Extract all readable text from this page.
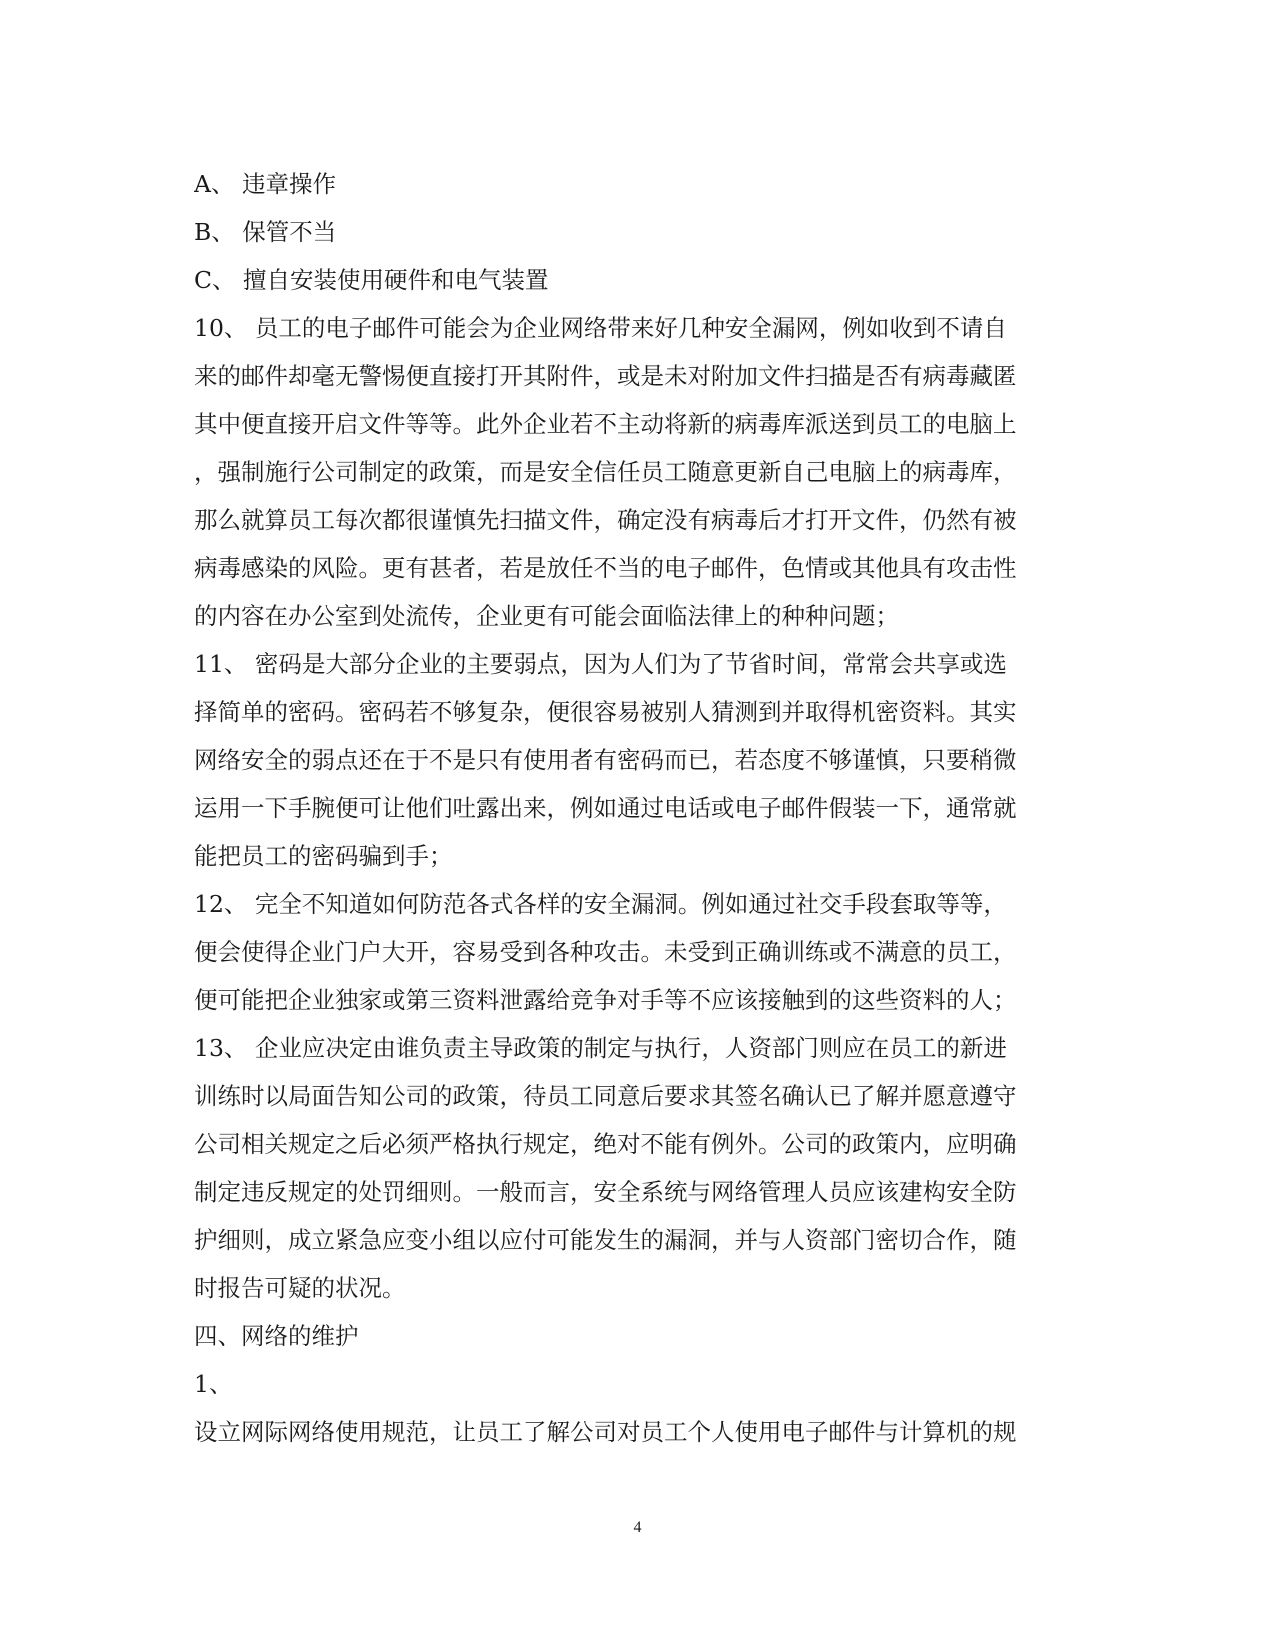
A、 违章操作
B、 保管不当
C、 擅自安装使用硬件和电气装置
10、 员工的电子邮件可能会为企业网络带来好几种安全漏网，例如收到不请自
来的邮件却毫无警惕便直接打开其附件，或是未对附加文件扫描是否有病毒藏匿
其中便直接开启文件等等。此外企业若不主动将新的病毒库派送到员工的电脑上
，强制施行公司制定的政策，而是安全信任员工随意更新自己电脑上的病毒库，
那么就算员工每次都很谨慎先扫描文件，确定没有病毒后才打开文件，仍然有被
病毒感染的风险。更有甚者，若是放任不当的电子邮件，色情或其他具有攻击性
的内容在办公室到处流传，企业更有可能会面临法律上的种种问题；
11、 密码是大部分企业的主要弱点，因为人们为了节省时间，常常会共享或选
择简单的密码。密码若不够复杂，便很容易被别人猜测到并取得机密资料。其实
网络安全的弱点还在于不是只有使用者有密码而已，若态度不够谨慎，只要稍微
运用一下手腕便可让他们吐露出来，例如通过电话或电子邮件假装一下，通常就
能把员工的密码骗到手；
12、 完全不知道如何防范各式各样的安全漏洞。例如通过社交手段套取等等，
便会使得企业门户大开，容易受到各种攻击。未受到正确训练或不满意的员工，
便可能把企业独家或第三资料泄露给竞争对手等不应该接触到的这些资料的人；
13、 企业应决定由谁负责主导政策的制定与执行，人资部门则应在员工的新进
训练时以局面告知公司的政策，待员工同意后要求其签名确认已了解并愿意遵守
公司相关规定之后必须严格执行规定，绝对不能有例外。公司的政策内，应明确
制定违反规定的处罚细则。一般而言，安全系统与网络管理人员应该建构安全防
护细则，成立紧急应变小组以应付可能发生的漏洞，并与人资部门密切合作，随
时报告可疑的状况。
四、网络的维护
1、
设立网际网络使用规范，让员工了解公司对员工个人使用电子邮件与计算机的规
4
